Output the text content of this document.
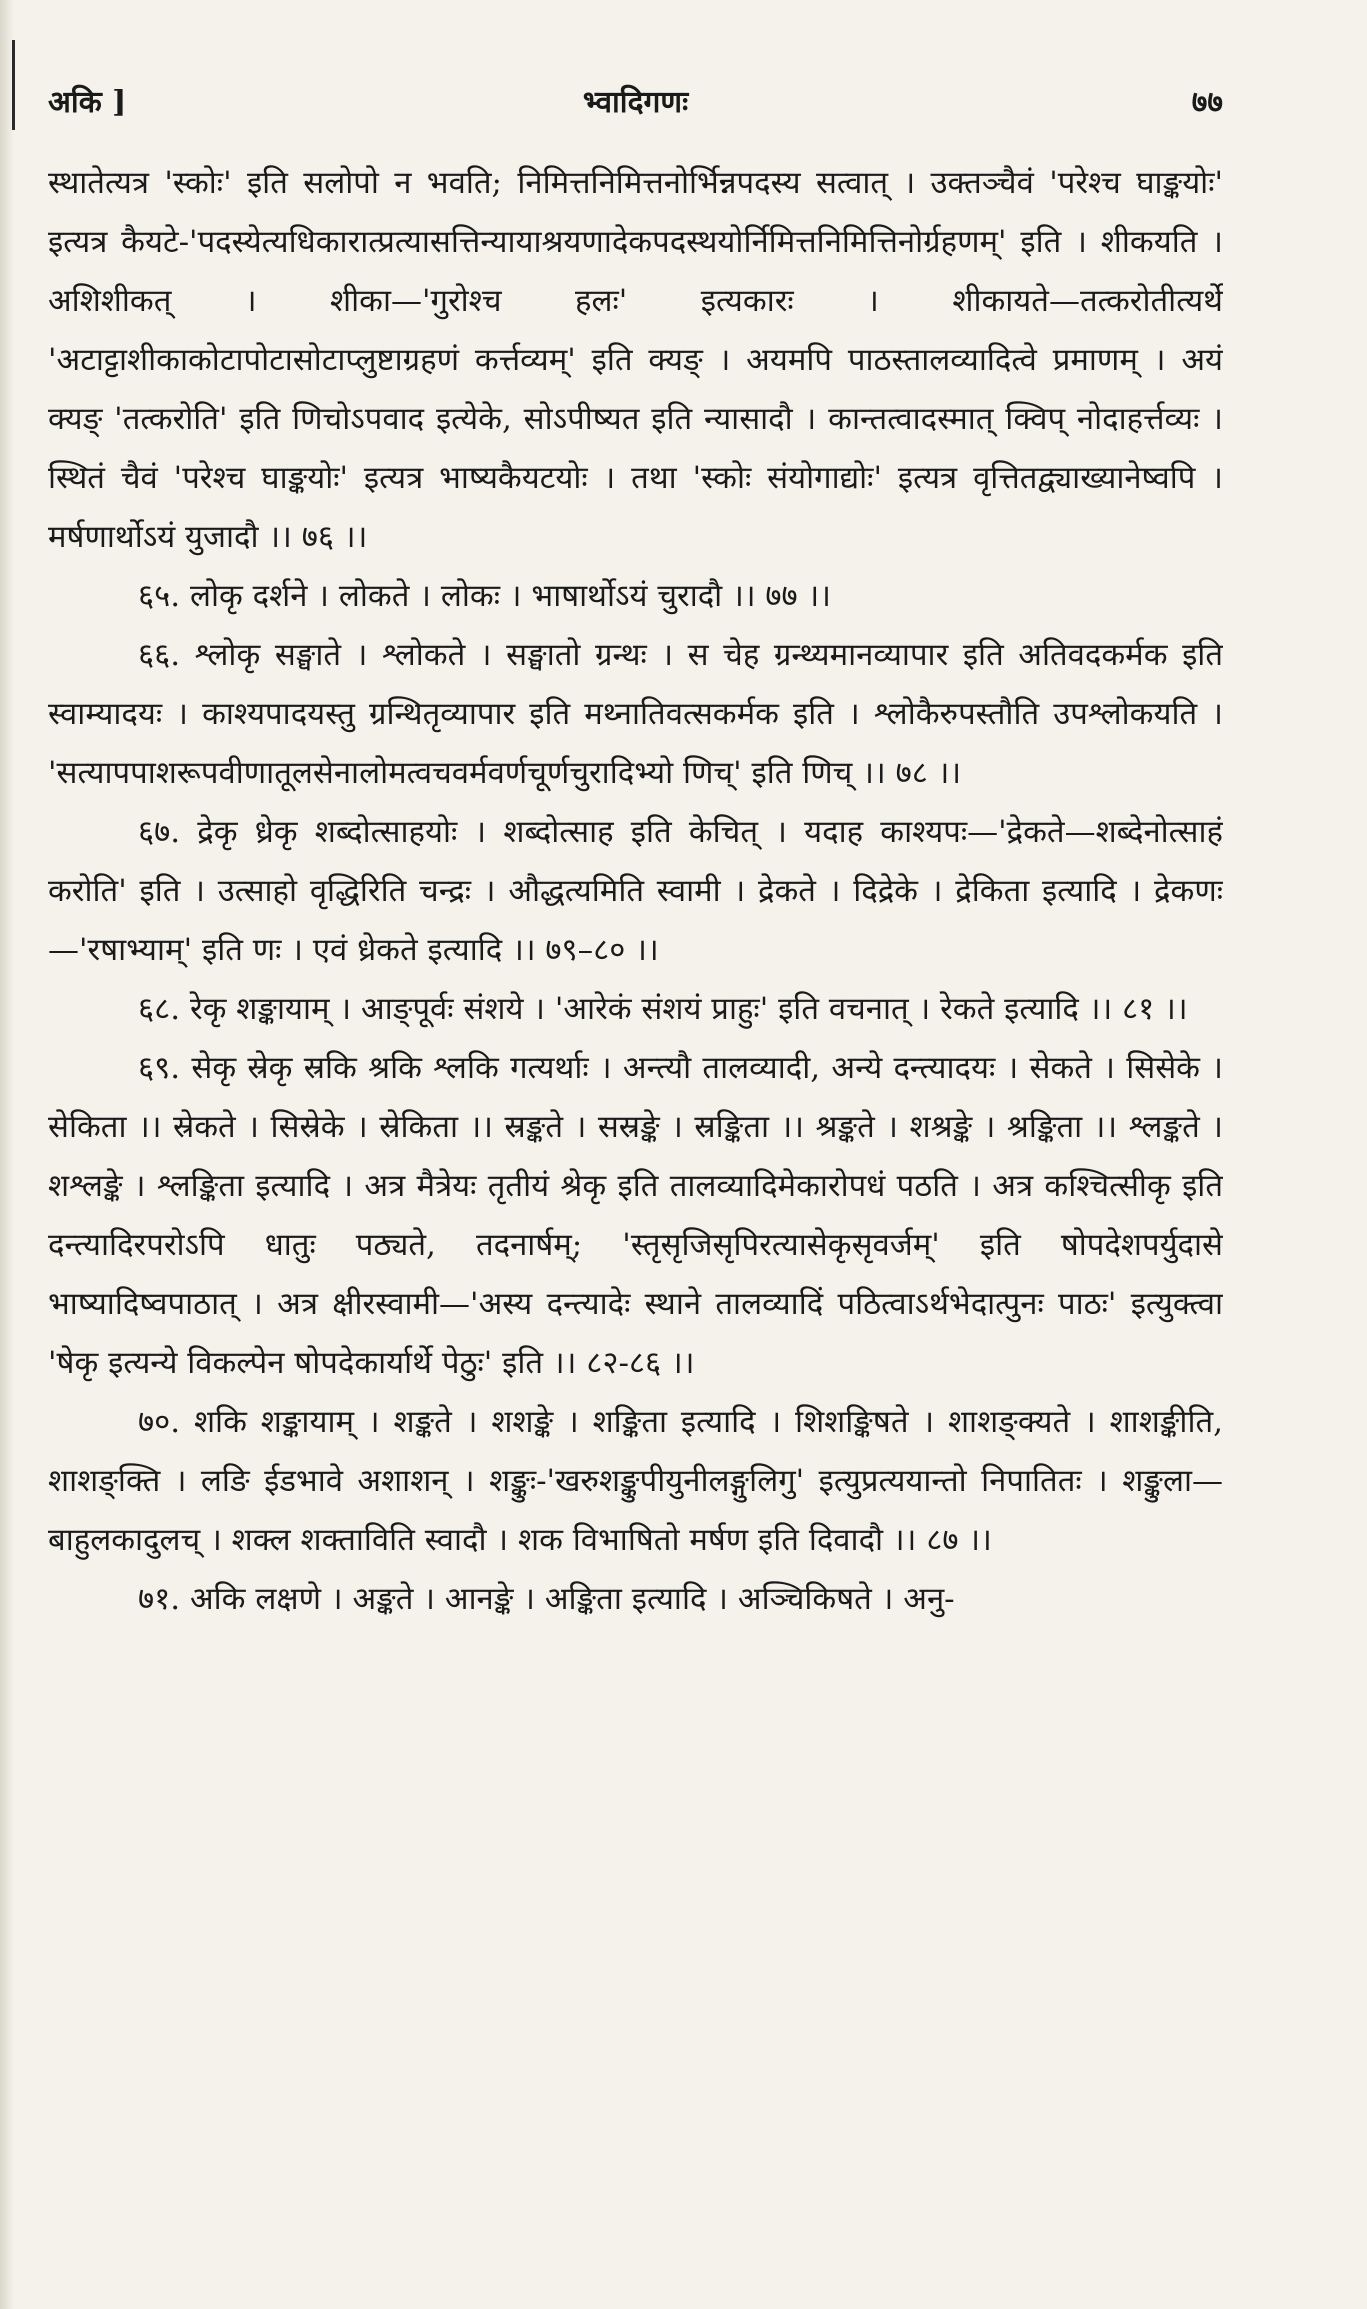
अकि ]	भ्वादिगणः	७७

स्थातेत्यत्र 'स्कोः' इति सलोपो न भवति; निमित्तनिमित्तनोर्भिन्नपदस्य सत्वात् । उक्तञ्चैवं 'परेश्च घाङ्कयोः' इत्यत्र कैयटे-'पदस्येत्यधिकारात्प्रत्यासत्तिन्यायाश्रयणादेकपदस्थयोर्निमित्तनिमित्तिनोर्ग्रहणम्' इति । शीकयति । अशिशीकत् । शीका—'गुरोश्च हलः' इत्यकारः । शीकायते—तत्करोतीत्यर्थे 'अटाट्टाशीकाकोटापोटासोटाप्लुष्टाग्रहणं कर्त्तव्यम्' इति क्यङ् । अयमपि पाठस्तालव्यादित्वे प्रमाणम् । अयं क्यङ् 'तत्करोति' इति णिचोऽपवाद इत्येके, सोऽपीष्यत इति न्यासादौ । कान्तत्वादस्मात् क्विप् नोदाहर्त्तव्यः । स्थितं चैवं 'परेश्च घाङ्कयोः' इत्यत्र भाष्यकैयटयोः । तथा 'स्कोः संयोगाद्योः' इत्यत्र वृत्तितद्व्याख्यानेष्वपि । मर्षणार्थोऽयं युजादौ ।। ७६ ।।

६५. लोकृ दर्शने । लोकते । लोकः । भाषार्थोऽयं चुरादौ ।। ७७ ।।

६६. श्लोकृ सङ्घाते । श्लोकते । सङ्घातो ग्रन्थः । स चेह ग्रन्थ्यमानव्यापार इति अतिवदकर्मक इति स्वाम्यादयः । काश्यपादयस्तु ग्रन्थितृव्यापार इति मथ्नातिवत्सकर्मक इति । श्लोकैरुपस्तौति उपश्लोकयति । 'सत्यापपाशरूपवीणातूलसेनालोमत्वचवर्मवर्णचूर्णचुरादिभ्यो णिच्' इति णिच् ।। ७८ ।।

६७. द्रेकृ ध्रेकृ शब्दोत्साहयोः । शब्दोत्साह इति केचित् । यदाह काश्यपः—'द्रेकते—शब्देनोत्साहं करोति' इति । उत्साहो वृद्धिरिति चन्द्रः । औद्धत्यमिति स्वामी । द्रेकते । दिद्रेके । द्रेकिता इत्यादि । द्रेकणः—'रषाभ्याम्' इति णः । एवं ध्रेकते इत्यादि ।। ७९–८० ।।

६८. रेकृ शङ्कायाम् । आङ्पूर्वः संशये । 'आरेकं संशयं प्राहुः' इति वचनात् । रेकते इत्यादि ।। ८१ ।।

६९. सेकृ स्रेकृ स्रकि श्रकि श्लकि गत्यर्थाः । अन्त्यौ तालव्यादी, अन्ये दन्त्यादयः । सेकते । सिसेके । सेकिता ।। स्रेकते । सिस्रेके । स्रेकिता ।। स्रङ्कते । सस्रङ्के । स्रङ्किता ।। श्रङ्कते । शश्रङ्के । श्रङ्किता ।। श्लङ्कते । शश्लङ्के । श्लङ्किता इत्यादि । अत्र मैत्रेयः तृतीयं श्रेकृ इति तालव्यादिमेकारोपधं पठति । अत्र कश्चित्सीकृ इति दन्त्यादिरपरोऽपि धातुः पठ्यते, तदनार्षम्; 'स्तृसृजिसृपिरत्यासेकृसृवर्जम्' इति षोपदेशपर्युदासे भाष्यादिष्वपाठात् । अत्र क्षीरस्वामी—'अस्य दन्त्यादेः स्थाने तालव्यादिं पठित्वाऽर्थभेदात्पुनः पाठः' इत्युक्त्वा 'षेकृ इत्यन्ये विकल्पेन षोपदेकार्यार्थे पेठुः' इति ।। ८२-८६ ।।

७०. शकि शङ्कायाम् । शङ्कते । शशङ्के । शङ्किता इत्यादि । शिशङ्किषते । शाशङ्क्यते । शाशङ्कीति, शाशङ्क्ति । लङि ईडभावे अशाशन् । शङ्कुः-'खरुशङ्कुपीयुनीलङ्गुलिगु' इत्युप्रत्ययान्तो निपातितः । शङ्कुला—बाहुलकादुलच् । शक्ल शक्ताविति स्वादौ । शक विभाषितो मर्षण इति दिवादौ ।। ८७ ।।

७१. अकि लक्षणे । अङ्कते । आनङ्के । अङ्किता इत्यादि । अञ्चिकिषते । अनु-
